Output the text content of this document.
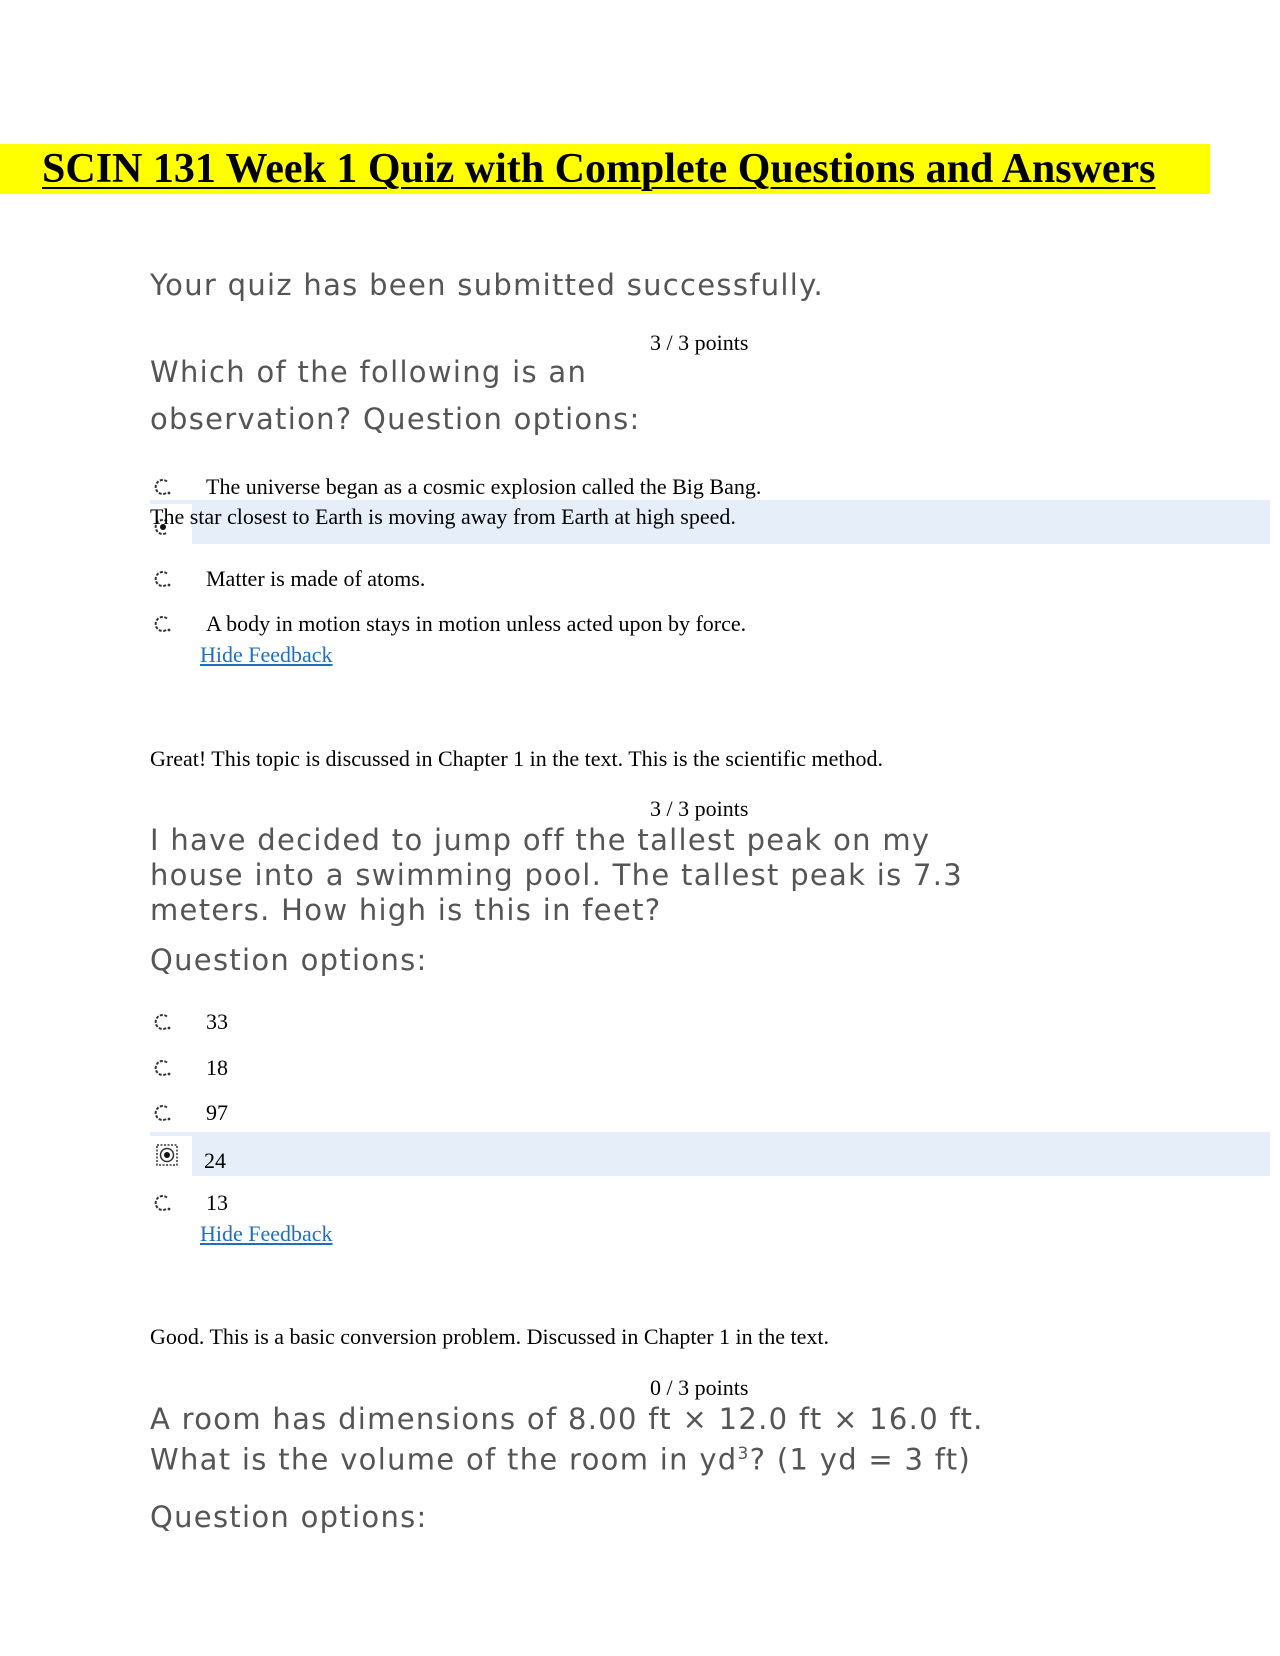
SCIN 131 Week 1 Quiz with Complete Questions and Answers
Your quiz has been submitted successfully.
3 / 3 points
Which of the following is an
observation? Question options:
The universe began as a cosmic explosion called the Big Bang.
The star closest to Earth is moving away from Earth at high speed.
Matter is made of atoms.
A body in motion stays in motion unless acted upon by force.
Hide Feedback
Great! This topic is discussed in Chapter 1 in the text. This is the scientific method.
3 / 3 points
I have decided to jump off the tallest peak on my
house into a swimming pool. The tallest peak is 7.3
meters. How high is this in feet?
Question options:
33
18
97
24
13
Hide Feedback
Good. This is a basic conversion problem. Discussed in Chapter 1 in the text.
0 / 3 points
A room has dimensions of 8.00 ft × 12.0 ft × 16.0 ft.
What is the volume of the room in $yd^3$? (1 yd = 3 ft)
Question options:
